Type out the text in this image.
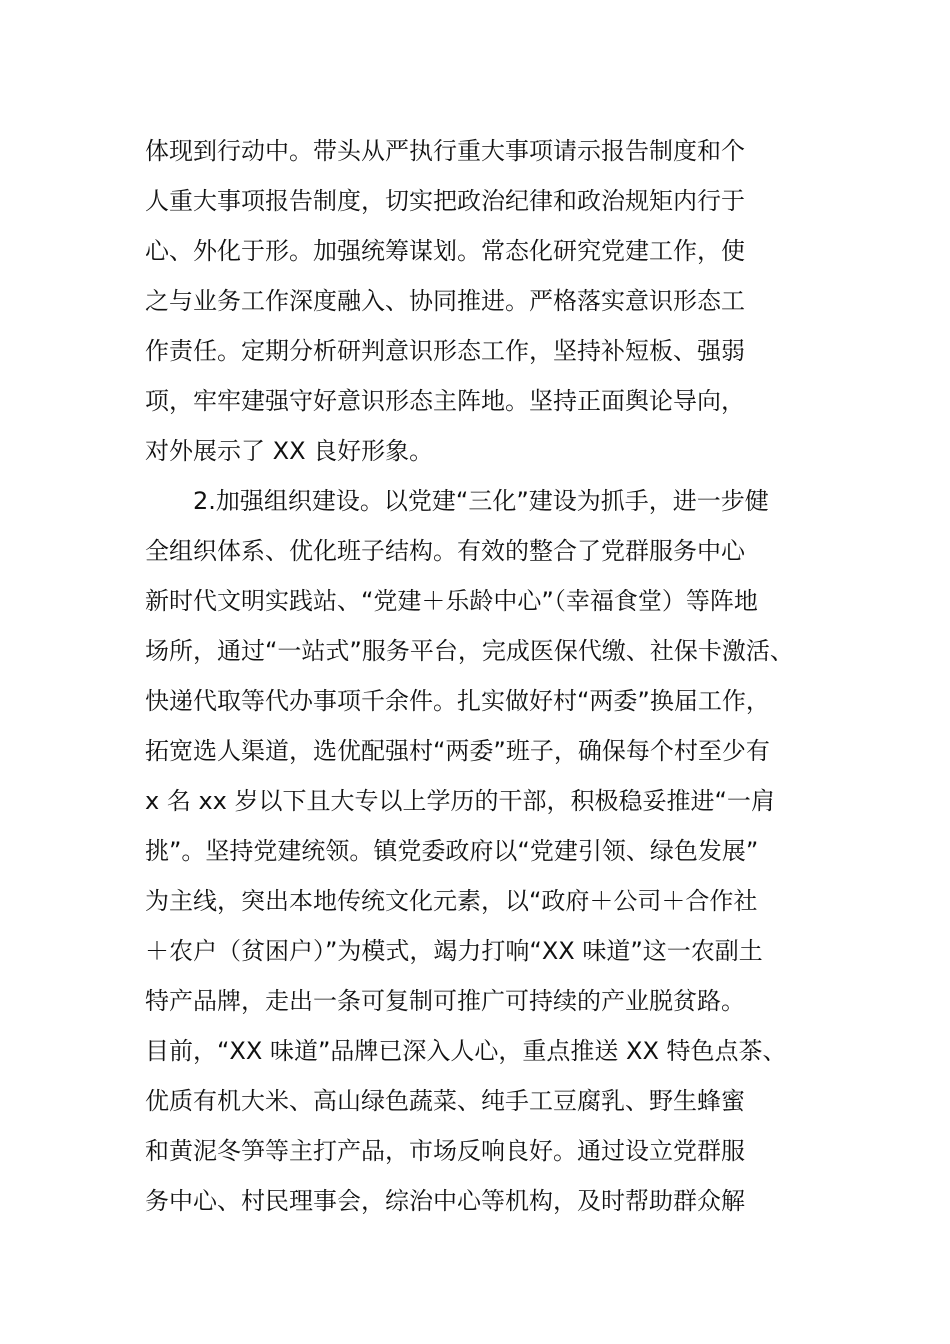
体现到行动中。带头从严执行重大事项请示报告制度和个
人重大事项报告制度，切实把政治纪律和政治规矩内行于
心、外化于形。加强统筹谋划。常态化研究党建工作，使
之与业务工作深度融入、协同推进。严格落实意识形态工
作责任。定期分析研判意识形态工作，坚持补短板、强弱
项，牢牢建强守好意识形态主阵地。坚持正面舆论导向，
对外展示了 XX 良好形象。
2.加强组织建设。以党建“三化”建设为抓手，进一步健
全组织体系、优化班子结构。有效的整合了党群服务中心
新时代文明实践站、“党建＋乐龄中心”（幸福食堂）等阵地
场所，通过“一站式”服务平台，完成医保代缴、社保卡激活、
快递代取等代办事项千余件。扎实做好村“两委”换届工作，
拓宽选人渠道，选优配强村“两委”班子，确保每个村至少有
x 名 xx 岁以下且大专以上学历的干部，积极稳妥推进“一肩
挑”。坚持党建统领。镇党委政府以“党建引领、绿色发展”
为主线，突出本地传统文化元素，以“政府＋公司＋合作社
＋农户（贫困户）”为模式，竭力打响“XX 味道”这一农副土
特产品牌，走出一条可复制可推广可持续的产业脱贫路。
目前，“XX 味道”品牌已深入人心，重点推送 XX 特色点茶、
优质有机大米、高山绿色蔬菜、纯手工豆腐乳、野生蜂蜜
和黄泥冬笋等主打产品，市场反响良好。通过设立党群服
务中心、村民理事会，综治中心等机构，及时帮助群众解
